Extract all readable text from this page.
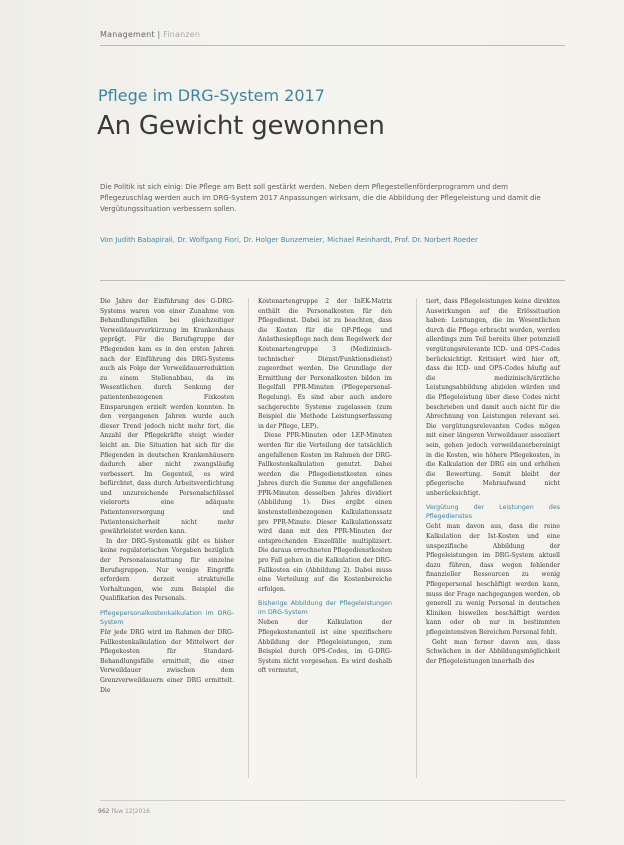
Management | Finanzen
Pflege im DRG-System 2017
An Gewicht gewonnen
Die Politik ist sich einig: Die Pflege am Bett soll gestärkt werden. Neben dem Pflegestellenförderprogramm und dem Pflegezuschlag werden auch im DRG-System 2017 Anpassungen wirksam, die die Abbildung der Pflegeleistung und damit die Vergütungssituation verbessern sollen.
Von Judith Babapirali, Dr. Wolfgang Fiori, Dr. Holger Bunzemeier, Michael Reinhardt, Prof. Dr. Norbert Roeder

Die Jahre der Einführung des G-DRG-Systems waren von einer Zunahme von Behandlungsfällen bei gleichzeitiger Verweildauerverkürzung im Krankenhaus geprägt. Für die Berufsgruppe der Pflegenden kam es in den ersten Jahren nach der Einführung des DRG-Systems auch als Folge der Verweildauerreduktion zu einem Stellenabbau, da im Wesentlichen durch Senkung der patientenbezogenen Fixkosten Einsparungen erzielt werden konnten. In den vergangenen Jahren wurde auch dieser Trend jedoch nicht mehr fort, die Anzahl der Pflegekräfte steigt wieder leicht an. Die Situation hat sich für die Pflegenden in deutschen Krankenhäusern dadurch aber nicht zwangsläufig verbessert. Im Gegenteil, es wird befürchtet, dass durch Arbeitsverdichtung und unzureichende Personalschlüssel vielerorts eine adäquate Patientenversorgung und Patientensicherheit nicht mehr gewährleistet werden kann.

In der DRG-Systematik gibt es bisher keine regulatorischen Vorgaben bezüglich der Personalausstattung für einzelne Berufsgruppen. Nur wenige Eingriffe erfordern derzeit strukturelle Vorhaltungen, wie zum Beispiel die Qualifikation des Personals.

Pflegepersonalkostenkalkulation im DRG-System

Für jede DRG wird im Rahmen der DRG-Fallkostenkalkulation der Mittelwert der Pflegekosten für Standard-Behandlungsfälle ermittelt, die einer Verweildauer zwischen dem Grenzverweildauern einer DRG ermittelt. Die

Kostenartengruppe 2 der InEK-Matrix enthält die Personalkosten für den Pflegedienst. Dabei ist zu beachten, dass die Kosten für die OP-Pflege und Anästhesiepflege nach dem Regelwerk der Kostenartengruppe 3 (Medizinisch-technischer Dienst/Funktionsdienst) zugeordnet werden. Die Grundlage der Ermittlung der Personalkosten bilden im Regelfall PPR-Minuten (Pflegepersonal-Regelung). Es sind aber auch andere sachgerechte Systeme zugelassen (zum Beispiel die Methode Leistungserfassung in der Pflege, LEP).

Diese PPR-Minuten oder LEP-Minuten werden für die Verteilung der tatsächlich angefallenen Kosten im Rahmen der DRG-Fallkostenkalkulation genutzt. Dabei werden die Pflegedienstkosten eines Jahres durch die Summe der angefallenen PPR-Minuten desselben Jahres dividiert (Abbildung 1). Dies ergibt einen kostenstellenbezogenen Kalkulationssatz pro PPR-Minute. Dieser Kalkulationssatz wird dann mit den PPR-Minuten der entsprechenden Einzelfälle multipliziert. Die daraus errechneten Pflegedienstkosten pro Fall gehen in die Kalkulation der DRG-Fallkosten ein (Abbildung 2). Dabei muss eine Verteilung auf die Kostenbereiche erfolgen.

Bisherige Abbildung der Pflegeleistungen im DRG-System

Neben der Kalkulation der Pflegekostenanteil ist eine spezifischere Abbildung der Pflegeleistungen, zum Beispiel durch OPS-Codes, im G-DRG-System nicht vorgesehen. Es wird deshalb oft vermutet,

tiert, dass Pflegeleistungen keine direkten Auswirkungen auf die Erlössituation haben: Leistungen, die im Wesentlichen durch die Pflege erbracht werden, werden allerdings zum Teil bereits über potenziell vergütungsrelevante ICD- und OPS-Codes berücksichtigt. Kritisiert wird hier oft, dass die ICD- und OPS-Codes häufig auf die medizinisch/ärztliche Leistungsabbildung abzielen würden und die Pflegeleistung über diese Codes nicht beschrieben und damit auch nicht für die Abrechnung von Leistungen relevant sei. Die vergütungsrelevanten Codes mögen mit einer längeren Verweildauer assoziiert sein, gehen jedoch verweildauerbereinigt in die Kosten, wie höhere Pflegekosten, in die Kalkulation der DRG ein und erhöhen die Bewertung. Somit bleibt der pflegerische Mehraufwand nicht unberücksichtigt.

Vergütung der Leistungen des Pflegedienstes

Geht man davon aus, dass die reine Kalkulation der Ist-Kosten und eine unspezifische Abbildung der Pflegeleistungen im DRG-System aktuell dazu führen, dass wegen fehlender finanzieller Ressourcen zu wenig Pflegepersonal beschäftigt werden kann, muss der Frage nachgegangen werden, ob generell zu wenig Personal in deutschen Kliniken bisweilen beschäftigt werden kann oder ob nur in bestimmten pflegeintensiven Bereichen Personal fehlt.

Geht man ferner davon aus, dass Schwächen in der Abbildungsmöglichkeit der Pflegeleistungen innerhalb des

962 f&w 12|2016
